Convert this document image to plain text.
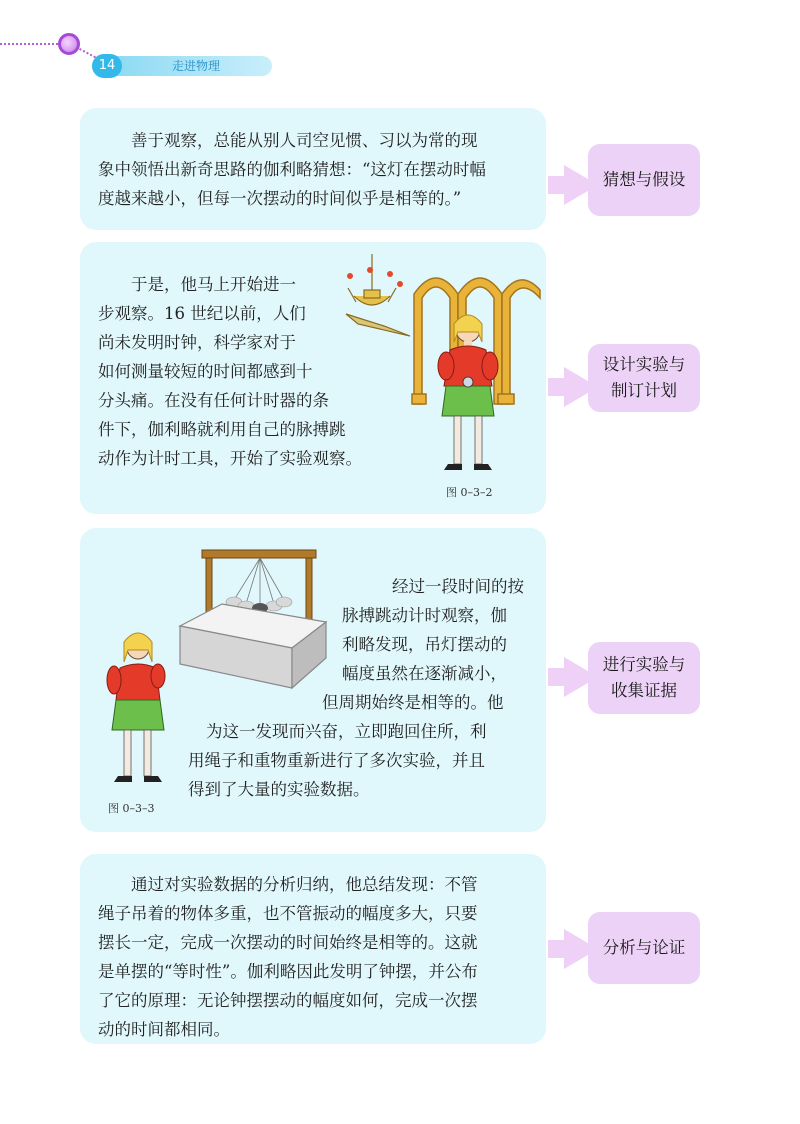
14	走进物理

善于观察，总能从别人司空见惯、习以为常的现

象中领悟出新奇思路的伽利略猜想：“这灯在摆动时幅

度越来越小，但每一次摆动的时间似乎是相等的。”

猜想与假设

于是，他马上开始进一

步观察。16 世纪以前，人们

尚未发明时钟，科学家对于

如何测量较短的时间都感到十

分头痛。在没有任何计时器的条

件下，伽利略就利用自己的脉搏跳

动作为计时工具，开始了实验观察。

图 0–3–2
设计实验与
制订计划

经过一段时间的按

脉搏跳动计时观察，伽

利略发现，吊灯摆动的

幅度虽然在逐渐减小，

但周期始终是相等的。他

为这一发现而兴奋，立即跑回住所，利

用绳子和重物重新进行了多次实验，并且

得到了大量的实验数据。

图 0–3–3
进行实验与
收集证据

通过对实验数据的分析归纳，他总结发现：不管

绳子吊着的物体多重，也不管振动的幅度多大，只要

摆长一定，完成一次摆动的时间始终是相等的。这就

是单摆的“等时性”。伽利略因此发明了钟摆，并公布

了它的原理：无论钟摆摆动的幅度如何，完成一次摆

动的时间都相同。

分析与论证
